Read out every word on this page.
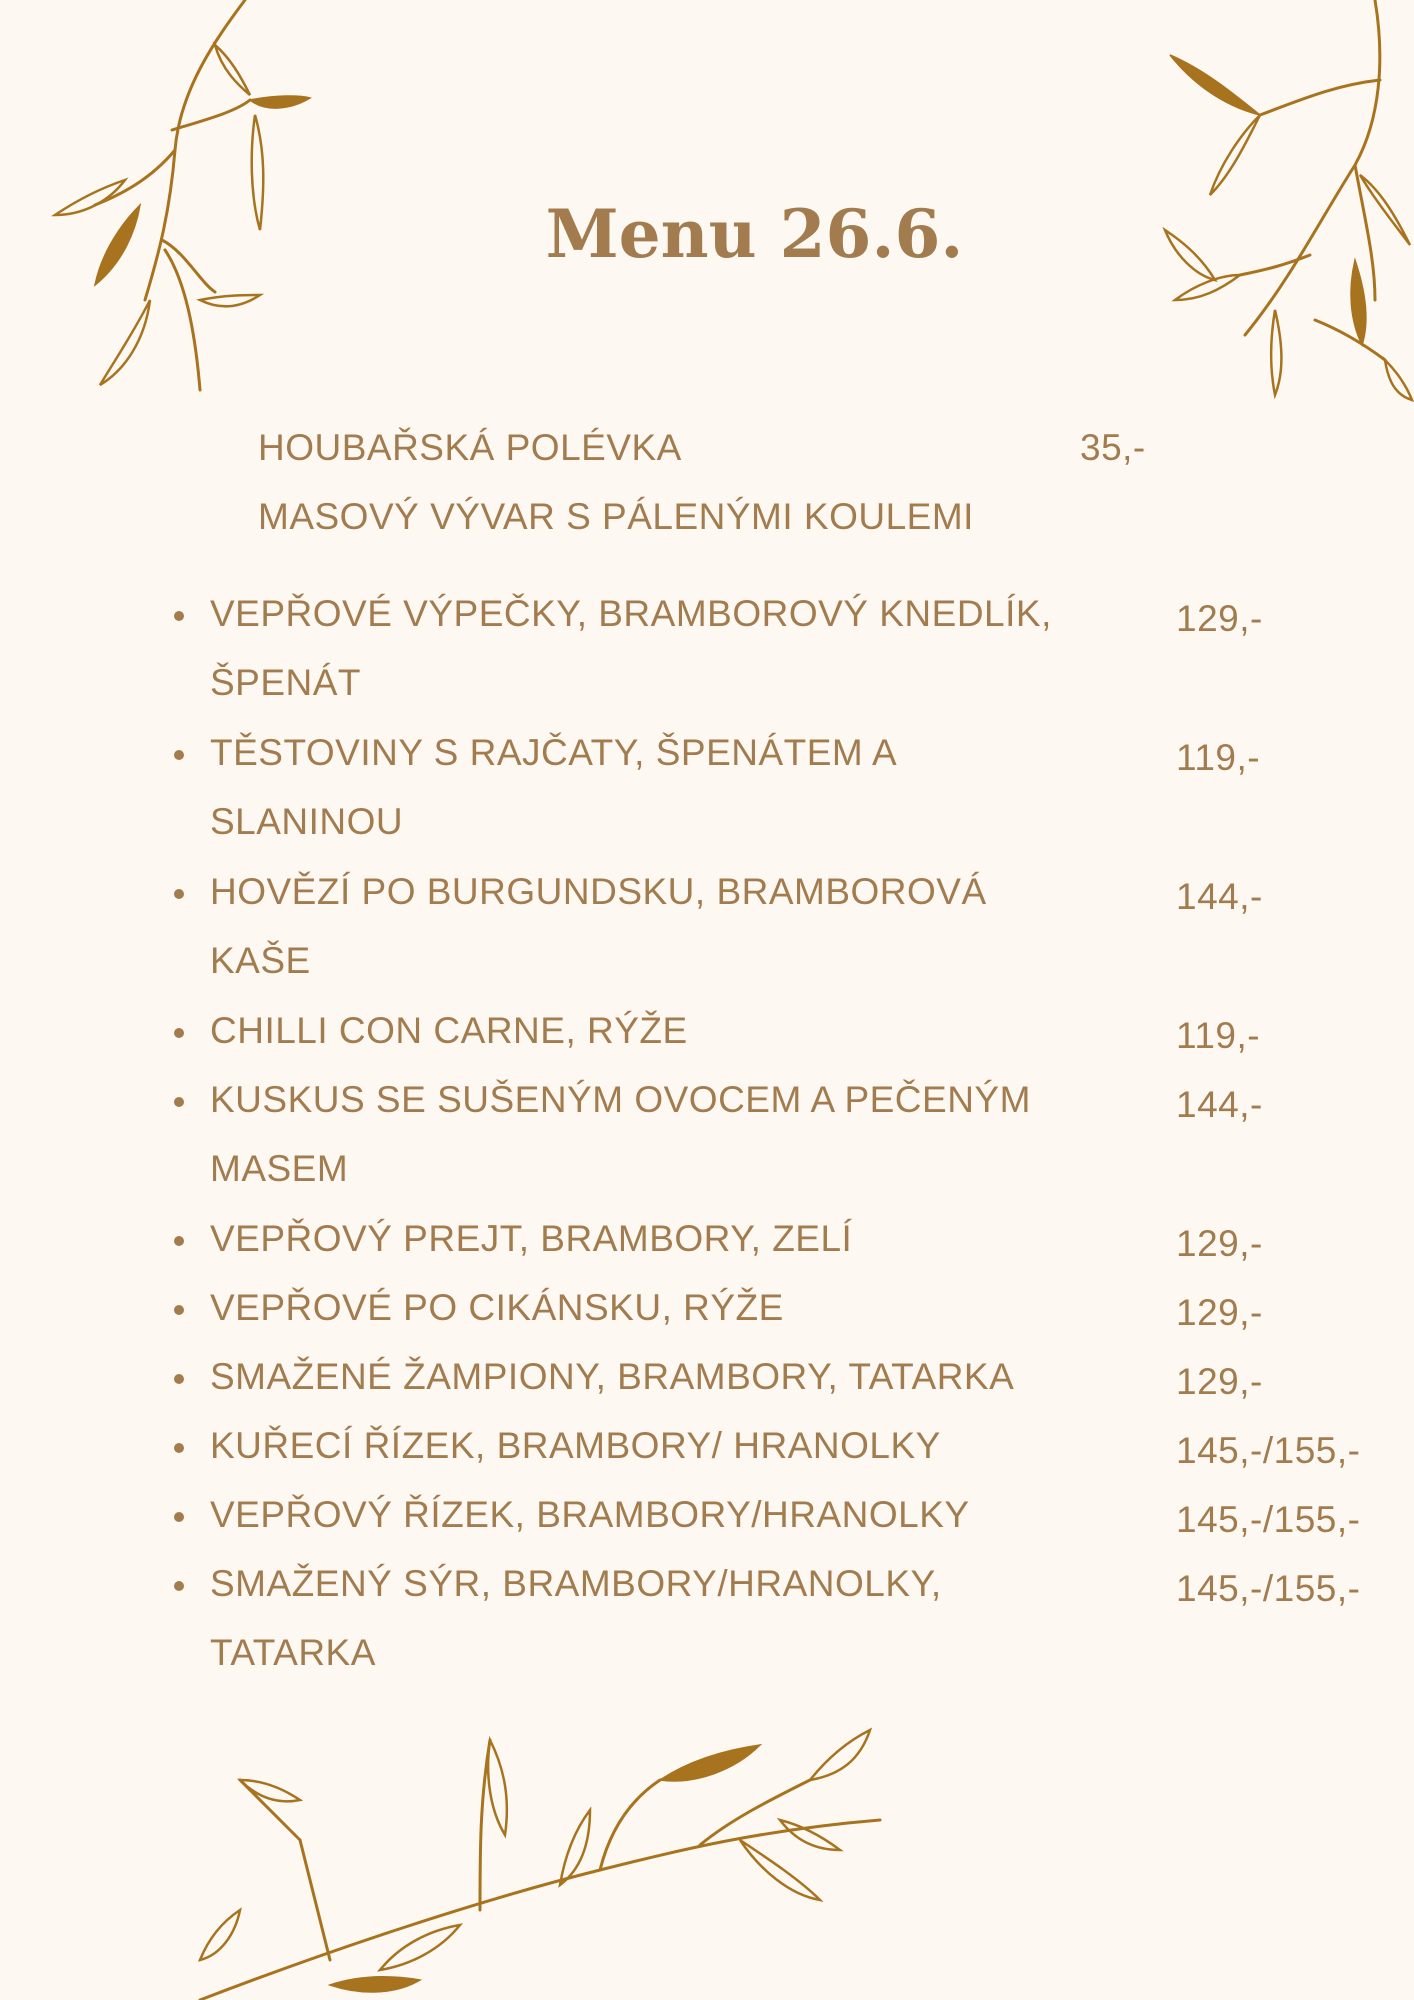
Menu 26.6.
HOUBAŘSKÁ POLÉVKA	35,-
MASOVÝ VÝVAR S PÁLENÝMI KOULEMI
VEPŘOVÉ VÝPEČKY, BRAMBOROVÝ KNEDLÍK,
ŠPENÁT
129,-
TĚSTOVINY S RAJČATY, ŠPENÁTEM A
SLANINOU
119,-
HOVĚZÍ PO BURGUNDSKU, BRAMBOROVÁ
KAŠE
144,-
CHILLI CON CARNE, RÝŽE	119,-
KUSKUS SE SUŠENÝM OVOCEM A PEČENÝM
MASEM
144,-
VEPŘOVÝ PREJT, BRAMBORY, ZELÍ	129,-
VEPŘOVÉ PO CIKÁNSKU, RÝŽE	129,-
SMAŽENÉ ŽAMPIONY, BRAMBORY, TATARKA	129,-
KUŘECÍ ŘÍZEK, BRAMBORY/ HRANOLKY	145,-/155,-
VEPŘOVÝ ŘÍZEK, BRAMBORY/HRANOLKY	145,-/155,-
SMAŽENÝ SÝR, BRAMBORY/HRANOLKY,
TATARKA
145,-/155,-
